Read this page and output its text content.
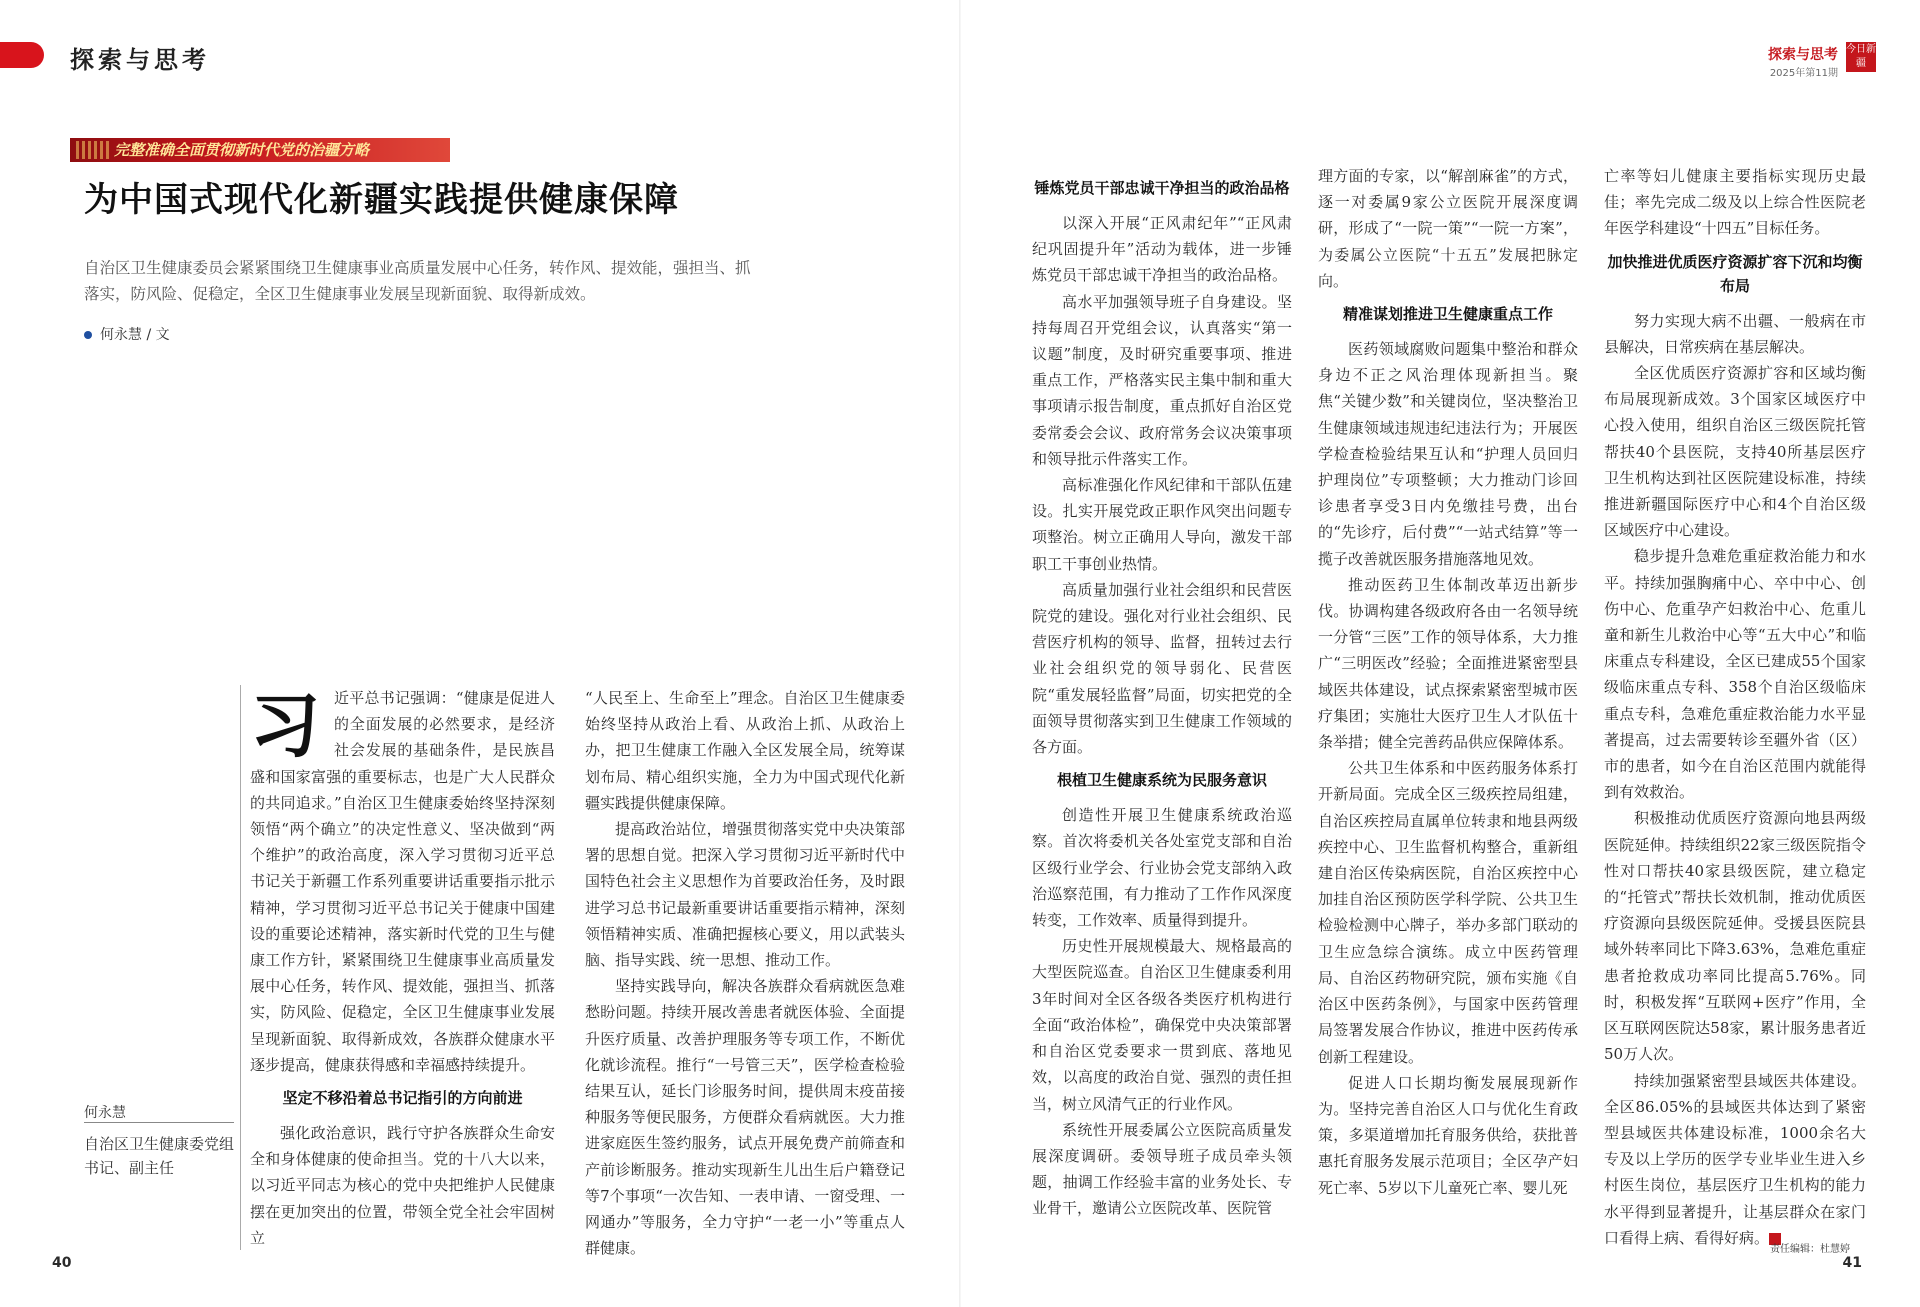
探索与思考	探索与思考
2025年第11期
今日新疆
完整准确全面贯彻新时代党的治疆方略
为中国式现代化新疆实践提供健康保障
自治区卫生健康委员会紧紧围绕卫生健康事业高质量发展中心任务，转作风、提效能，强担当、抓落实，防风险、促稳定，全区卫生健康事业发展呈现新面貌、取得新成效。
何永慧 / 文
何永慧
自治区卫生健康委党组书记、副主任
习 近平总书记强调：“健康是促进人的全面发展的必然要求，是经济社会发展的基础条件，是民族昌盛和国家富强的重要标志，也是广大人民群众的共同追求。”自治区卫生健康委始终坚持深刻领悟“两个确立”的决定性意义、坚决做到“两个维护”的政治高度，深入学习贯彻习近平总书记关于新疆工作系列重要讲话重要指示批示精神，学习贯彻习近平总书记关于健康中国建设的重要论述精神，落实新时代党的卫生与健康工作方针，紧紧围绕卫生健康事业高质量发展中心任务，转作风、提效能，强担当、抓落实，防风险、促稳定，全区卫生健康事业发展呈现新面貌、取得新成效，各族群众健康水平逐步提高，健康获得感和幸福感持续提升。

坚定不移沿着总书记指引的方向前进

强化政治意识，践行守护各族群众生命安全和身体健康的使命担当。党的十八大以来，以习近平同志为核心的党中央把维护人民健康摆在更加突出的位置，带领全党全社会牢固树立

“人民至上、生命至上”理念。自治区卫生健康委始终坚持从政治上看、从政治上抓、从政治上办，把卫生健康工作融入全区发展全局，统筹谋划布局、精心组织实施，全力为中国式现代化新疆实践提供健康保障。

提高政治站位，增强贯彻落实党中央决策部署的思想自觉。把深入学习贯彻习近平新时代中国特色社会主义思想作为首要政治任务，及时跟进学习总书记最新重要讲话重要指示精神，深刻领悟精神实质、准确把握核心要义，用以武装头脑、指导实践、统一思想、推动工作。

坚持实践导向，解决各族群众看病就医急难愁盼问题。持续开展改善患者就医体验、全面提升医疗质量、改善护理服务等专项工作，不断优化就诊流程。推行“一号管三天”，医学检查检验结果互认，延长门诊服务时间，提供周末疫苗接种服务等便民服务，方便群众看病就医。大力推进家庭医生签约服务，试点开展免费产前筛查和产前诊断服务。推动实现新生儿出生后户籍登记等7个事项“一次告知、一表申请、一窗受理、一网通办”等服务，全力守护“一老一小”等重点人群健康。

锤炼党员干部忠诚干净担当的政治品格

以深入开展“正风肃纪年”“正风肃纪巩固提升年”活动为载体，进一步锤炼党员干部忠诚干净担当的政治品格。

高水平加强领导班子自身建设。坚持每周召开党组会议，认真落实“第一议题”制度，及时研究重要事项、推进重点工作，严格落实民主集中制和重大事项请示报告制度，重点抓好自治区党委常委会会议、政府常务会议决策事项和领导批示件落实工作。

高标准强化作风纪律和干部队伍建设。扎实开展党政正职作风突出问题专项整治。树立正确用人导向，激发干部职工干事创业热情。

高质量加强行业社会组织和民营医院党的建设。强化对行业社会组织、民营医疗机构的领导、监督，扭转过去行业社会组织党的领导弱化、民营医院“重发展轻监督”局面，切实把党的全面领导贯彻落实到卫生健康工作领域的各方面。

根植卫生健康系统为民服务意识

创造性开展卫生健康系统政治巡察。首次将委机关各处室党支部和自治区级行业学会、行业协会党支部纳入政治巡察范围，有力推动了工作作风深度转变，工作效率、质量得到提升。

历史性开展规模最大、规格最高的大型医院巡查。自治区卫生健康委利用3年时间对全区各级各类医疗机构进行全面“政治体检”，确保党中央决策部署和自治区党委要求一贯到底、落地见效，以高度的政治自觉、强烈的责任担当，树立风清气正的行业作风。

系统性开展委属公立医院高质量发展深度调研。委领导班子成员牵头领题，抽调工作经验丰富的业务处长、专业骨干，邀请公立医院改革、医院管

理方面的专家，以“解剖麻雀”的方式，逐一对委属9家公立医院开展深度调研，形成了“一院一策”“一院一方案”，为委属公立医院“十五五”发展把脉定向。

精准谋划推进卫生健康重点工作

医药领域腐败问题集中整治和群众身边不正之风治理体现新担当。聚焦“关键少数”和关键岗位，坚决整治卫生健康领域违规违纪违法行为；开展医学检查检验结果互认和“护理人员回归护理岗位”专项整顿；大力推动门诊回诊患者享受3日内免缴挂号费，出台的“先诊疗，后付费”“一站式结算”等一揽子改善就医服务措施落地见效。

推动医药卫生体制改革迈出新步伐。协调构建各级政府各由一名领导统一分管“三医”工作的领导体系，大力推广“三明医改”经验；全面推进紧密型县域医共体建设，试点探索紧密型城市医疗集团；实施壮大医疗卫生人才队伍十条举措；健全完善药品供应保障体系。

公共卫生体系和中医药服务体系打开新局面。完成全区三级疾控局组建，自治区疾控局直属单位转隶和地县两级疾控中心、卫生监督机构整合，重新组建自治区传染病医院，自治区疾控中心加挂自治区预防医学科学院、公共卫生检验检测中心牌子，举办多部门联动的卫生应急综合演练。成立中医药管理局、自治区药物研究院，颁布实施《自治区中医药条例》，与国家中医药管理局签署发展合作协议，推进中医药传承创新工程建设。

促进人口长期均衡发展展现新作为。坚持完善自治区人口与优化生育政策，多渠道增加托育服务供给，获批普惠托育服务发展示范项目；全区孕产妇死亡率、5岁以下儿童死亡率、婴儿死

亡率等妇儿健康主要指标实现历史最佳；率先完成二级及以上综合性医院老年医学科建设“十四五”目标任务。

加快推进优质医疗资源扩容下沉和均衡布局

努力实现大病不出疆、一般病在市县解决，日常疾病在基层解决。

全区优质医疗资源扩容和区域均衡布局展现新成效。3个国家区域医疗中心投入使用，组织自治区三级医院托管帮扶40个县医院，支持40所基层医疗卫生机构达到社区医院建设标准，持续推进新疆国际医疗中心和4个自治区级区域医疗中心建设。

稳步提升急难危重症救治能力和水平。持续加强胸痛中心、卒中中心、创伤中心、危重孕产妇救治中心、危重儿童和新生儿救治中心等“五大中心”和临床重点专科建设，全区已建成55个国家级临床重点专科、358个自治区级临床重点专科，急难危重症救治能力水平显著提高，过去需要转诊至疆外省（区）市的患者，如今在自治区范围内就能得到有效救治。

积极推动优质医疗资源向地县两级医院延伸。持续组织22家三级医院指令性对口帮扶40家县级医院，建立稳定的“托管式”帮扶长效机制，推动优质医疗资源向县级医院延伸。受援县医院县域外转率同比下降3.63%，急难危重症患者抢救成功率同比提高5.76%。同时，积极发挥“互联网+医疗”作用，全区互联网医院达58家，累计服务患者近50万人次。

持续加强紧密型县域医共体建设。全区86.05%的县域医共体达到了紧密型县域医共体建设标准，1000余名大专及以上学历的医学专业毕业生进入乡村医生岗位，基层医疗卫生机构的能力水平得到显著提升，让基层群众在家门口看得上病、看得好病。	J

40
责任编辑：杜慧婷
41
